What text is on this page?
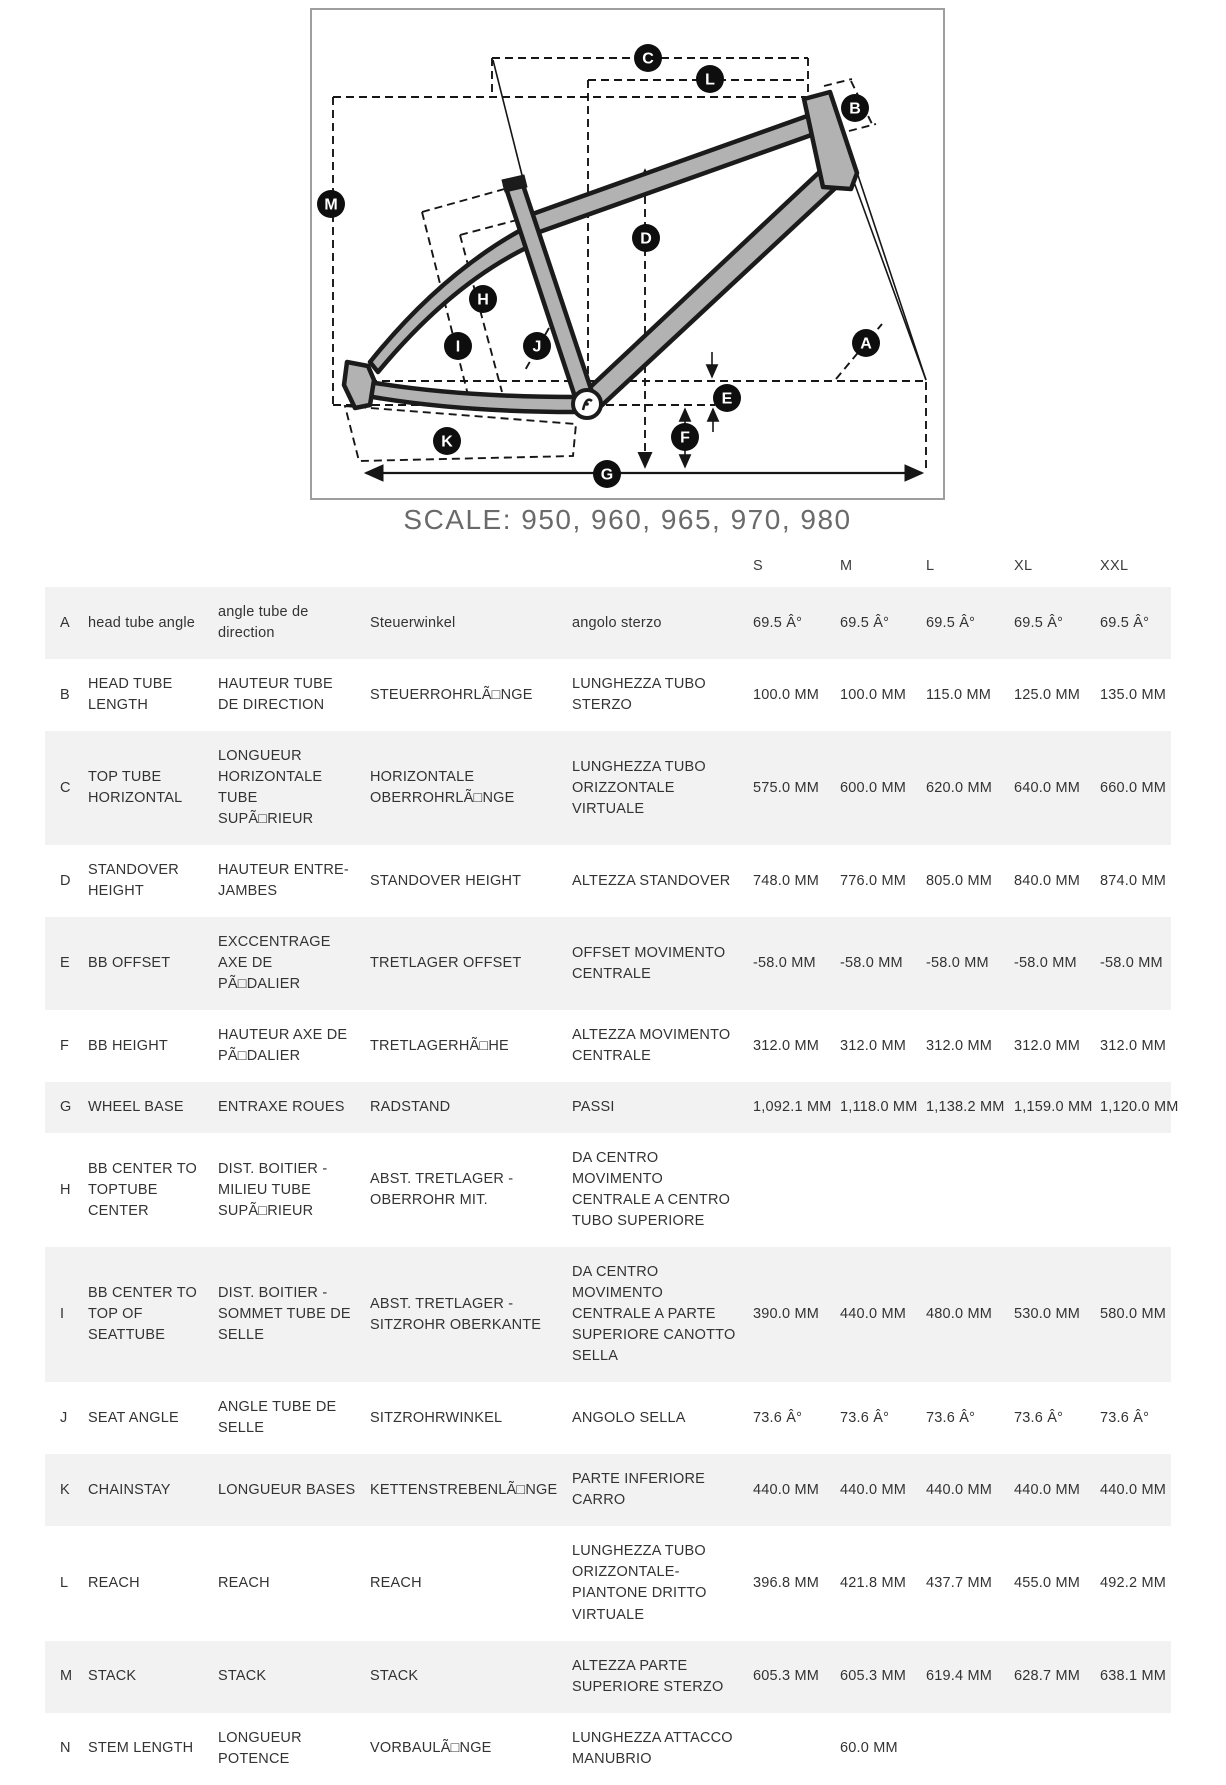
C
L
B
M
D
H
I	J	A
E
F
K
G
SCALE: 950, 960, 965, 970, 980
					S	M	L	XL	XXL
A	head tube angle	angle tube de direction	Steuerwinkel	angolo sterzo	69.5 Â°	69.5 Â°	69.5 Â°	69.5 Â°	69.5 Â°
B	HEAD TUBE LENGTH	HAUTEUR TUBE DE DIRECTION	STEUERROHRLÃ□NGE	LUNGHEZZA TUBO STERZO	100.0 MM	100.0 MM	115.0 MM	125.0 MM	135.0 MM
C	TOP TUBE HORIZONTAL	LONGUEUR HORIZONTALE TUBE SUPÃ□RIEUR	HORIZONTALE OBERROHRLÃ□NGE	LUNGHEZZA TUBO ORIZZONTALE VIRTUALE	575.0 MM	600.0 MM	620.0 MM	640.0 MM	660.0 MM
D	STANDOVER HEIGHT	HAUTEUR ENTRE-JAMBES	STANDOVER HEIGHT	ALTEZZA STANDOVER	748.0 MM	776.0 MM	805.0 MM	840.0 MM	874.0 MM
E	BB OFFSET	EXCCENTRAGE AXE DE PÃ□DALIER	TRETLAGER OFFSET	OFFSET MOVIMENTO CENTRALE	-58.0 MM	-58.0 MM	-58.0 MM	-58.0 MM	-58.0 MM
F	BB HEIGHT	HAUTEUR AXE DE PÃ□DALIER	TRETLAGERHÃ□HE	ALTEZZA MOVIMENTO CENTRALE	312.0 MM	312.0 MM	312.0 MM	312.0 MM	312.0 MM
G	WHEEL BASE	ENTRAXE ROUES	RADSTAND	PASSI	1,092.1 MM	1,118.0 MM	1,138.2 MM	1,159.0 MM	1,120.0 MM
H	BB CENTER TO TOPTUBE CENTER	DIST. BOITIER - MILIEU TUBE SUPÃ□RIEUR	ABST. TRETLAGER - OBERROHR MIT.	DA CENTRO MOVIMENTO CENTRALE A CENTRO TUBO SUPERIORE					
I	BB CENTER TO TOP OF SEATTUBE	DIST. BOITIER - SOMMET TUBE DE SELLE	ABST. TRETLAGER - SITZROHR OBERKANTE	DA CENTRO MOVIMENTO CENTRALE A PARTE SUPERIORE CANOTTO SELLA	390.0 MM	440.0 MM	480.0 MM	530.0 MM	580.0 MM
J	SEAT ANGLE	ANGLE TUBE DE SELLE	SITZROHRWINKEL	ANGOLO SELLA	73.6 Â°	73.6 Â°	73.6 Â°	73.6 Â°	73.6 Â°
K	CHAINSTAY	LONGUEUR BASES	KETTENSTREBENLÃ□NGE	PARTE INFERIORE CARRO	440.0 MM	440.0 MM	440.0 MM	440.0 MM	440.0 MM
L	REACH	REACH	REACH	LUNGHEZZA TUBO ORIZZONTALE- PIANTONE DRITTO VIRTUALE	396.8 MM	421.8 MM	437.7 MM	455.0 MM	492.2 MM
M	STACK	STACK	STACK	ALTEZZA PARTE SUPERIORE STERZO	605.3 MM	605.3 MM	619.4 MM	628.7 MM	638.1 MM
N	STEM LENGTH	LONGUEUR POTENCE	VORBAULÃ□NGE	LUNGHEZZA ATTACCO MANUBRIO		60.0 MM			
